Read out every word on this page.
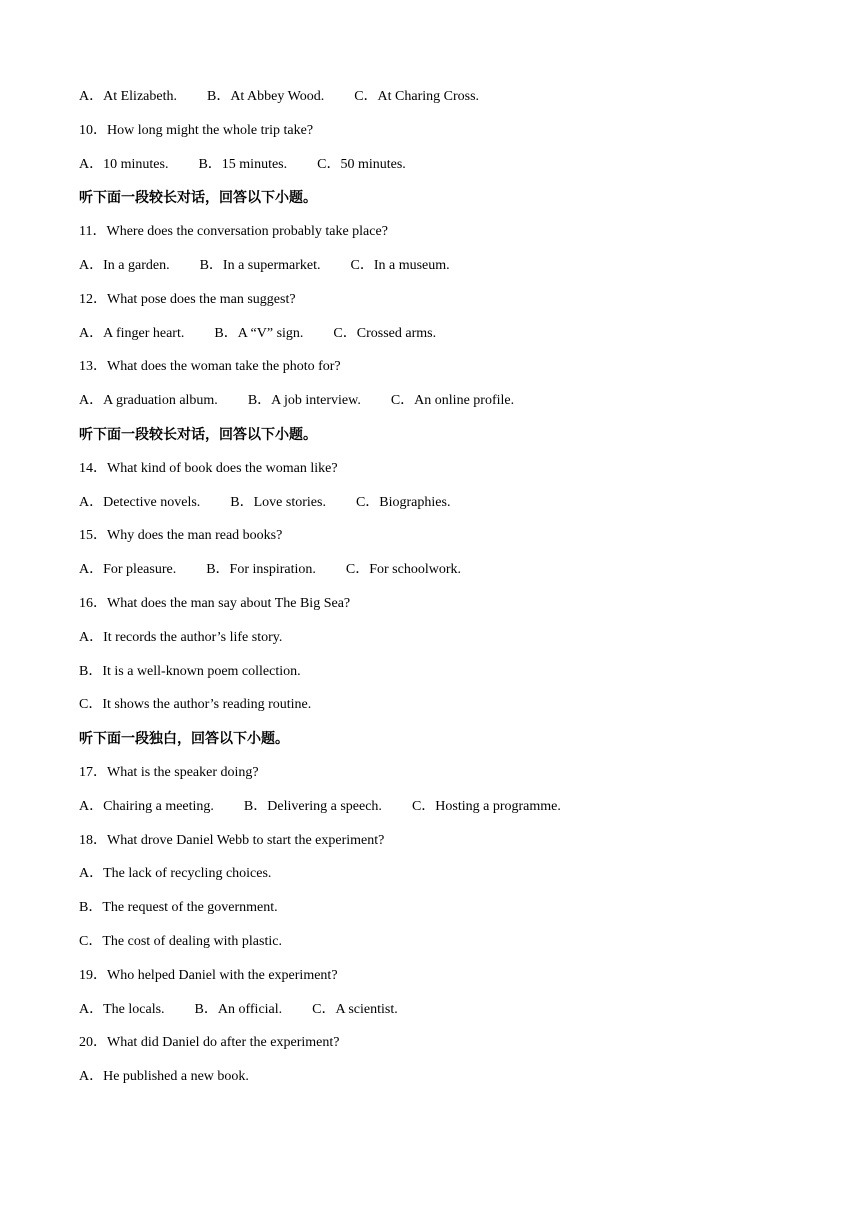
A．At Elizabeth. B．At Abbey Wood. C．At Charing Cross.
10．How long might the whole trip take?
A．10 minutes. B．15 minutes. C．50 minutes.
听下面一段较长对话，回答以下小题。
11．Where does the conversation probably take place?
A．In a garden. B．In a supermarket. C．In a museum.
12．What pose does the man suggest?
A．A finger heart. B．A “V” sign. C．Crossed arms.
13．What does the woman take the photo for?
A．A graduation album. B．A job interview. C．An online profile.
听下面一段较长对话，回答以下小题。
14．What kind of book does the woman like?
A．Detective novels. B．Love stories. C．Biographies.
15．Why does the man read books?
A．For pleasure. B．For inspiration. C．For schoolwork.
16．What does the man say about The Big Sea?
A．It records the author’s life story.
B．It is a well-known poem collection.
C．It shows the author’s reading routine.
听下面一段独白，回答以下小题。
17．What is the speaker doing?
A．Chairing a meeting. B．Delivering a speech. C．Hosting a programme.
18．What drove Daniel Webb to start the experiment?
A．The lack of recycling choices.
B．The request of the government.
C．The cost of dealing with plastic.
19．Who helped Daniel with the experiment?
A．The locals. B．An official. C．A scientist.
20．What did Daniel do after the experiment?
A．He published a new book.
